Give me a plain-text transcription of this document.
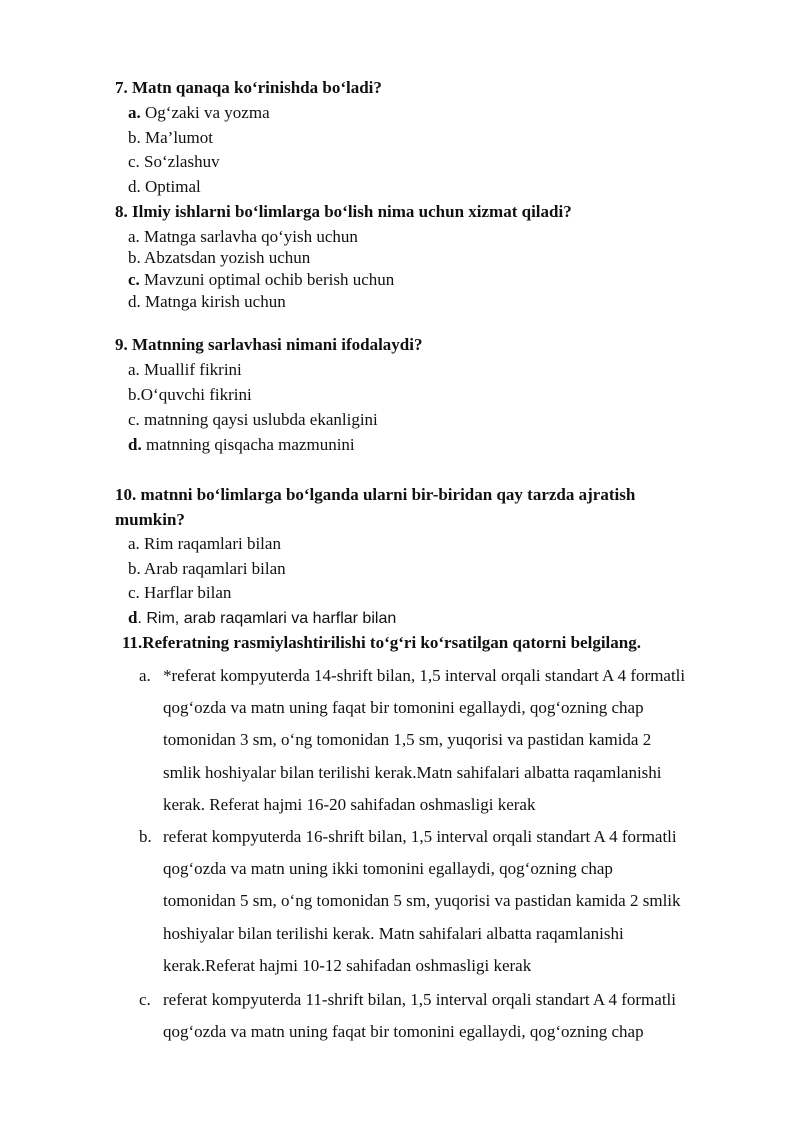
7. Matn qanaqa ko‘rinishda bo‘ladi?
a. Og‘zaki va yozma
b. Ma’lumot
c. So‘zlashuv
d. Optimal
8. Ilmiy ishlarni bo‘limlarga bo‘lish nima uchun xizmat qiladi?
a. Matnga sarlavha qo‘yish uchun
b. Abzatsdan yozish uchun
c. Mavzuni optimal ochib berish uchun
d. Matnga kirish uchun
9. Matnning sarlavhasi nimani ifodalaydi?
a. Muallif fikrini
b.O‘quvchi fikrini
c. matnning qaysi uslubda ekanligini
d. matnning qisqacha mazmunini
10. matnni bo‘limlarga bo‘lganda ularni bir-biridan qay tarzda ajratish
mumkin?
a. Rim raqamlari bilan
b. Arab raqamlari bilan
c. Harflar bilan
d. Rim, arab raqamlari va harflar bilan
11.Referatning rasmiylashtirilishi to‘g‘ri ko‘rsatilgan qatorni belgilang.
a. *referat kompyuterda 14-shrift bilan, 1,5 interval orqali standart A 4 formatli
qog‘ozda va matn uning faqat bir tomonini egallaydi, qog‘ozning chap
tomonidan 3 sm, o‘ng tomonidan 1,5 sm, yuqorisi va pastidan kamida 2
smlik hoshiyalar bilan terilishi kerak.Matn sahifalari albatta raqamlanishi
kerak. Referat hajmi 16-20 sahifadan oshmasligi kerak
b. referat kompyuterda 16-shrift bilan, 1,5 interval orqali standart A 4 formatli
qog‘ozda va matn uning ikki tomonini egallaydi, qog‘ozning chap
tomonidan 5 sm, o‘ng tomonidan 5 sm, yuqorisi va pastidan kamida 2 smlik
hoshiyalar bilan terilishi kerak. Matn sahifalari albatta raqamlanishi
kerak.Referat hajmi 10-12 sahifadan oshmasligi kerak
c. referat kompyuterda 11-shrift bilan, 1,5 interval orqali standart A 4 formatli
qog‘ozda va matn uning faqat bir tomonini egallaydi, qog‘ozning chap
